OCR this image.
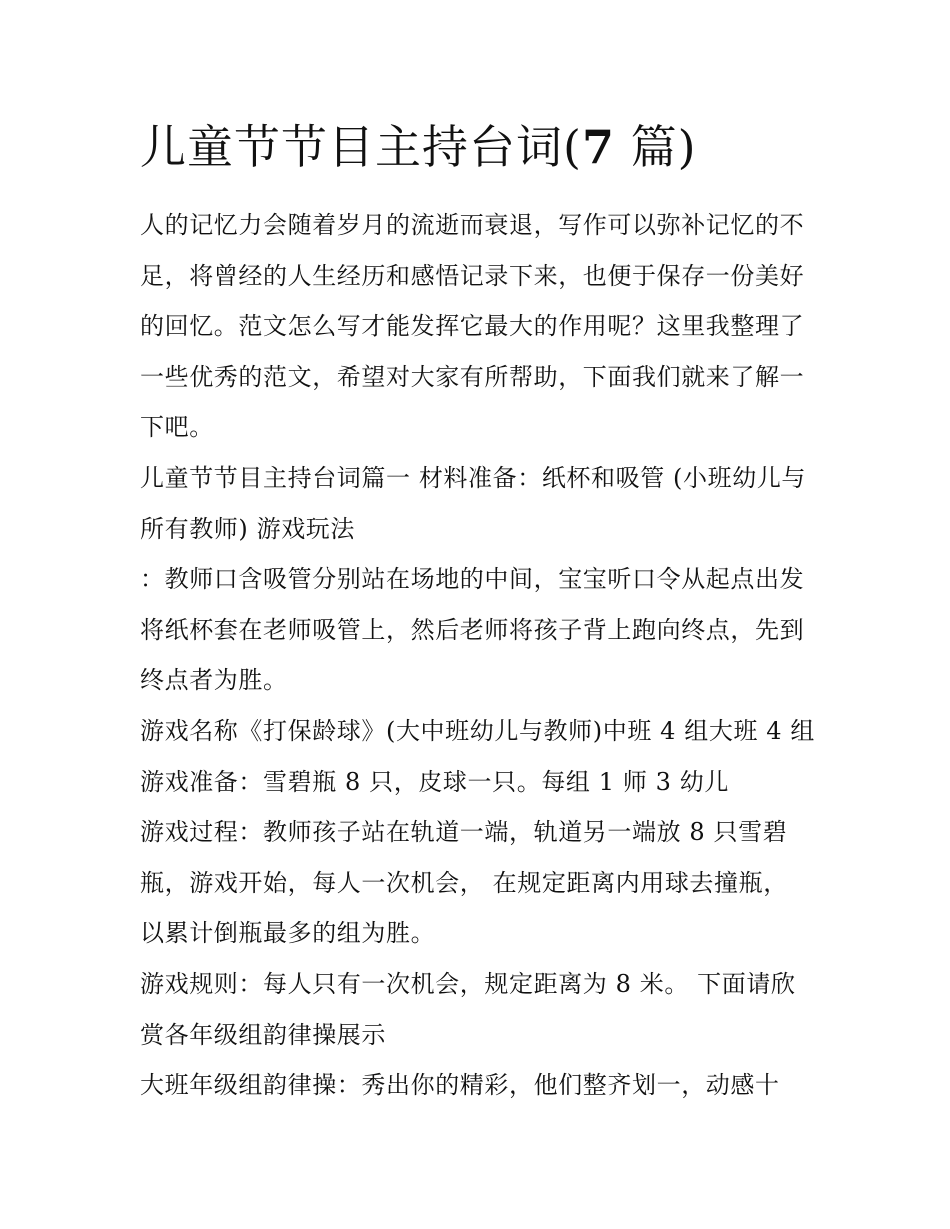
儿童节节目主持台词(7 篇)

人的记忆力会随着岁月的流逝而衰退，写作可以弥补记忆的不
足，将曾经的人生经历和感悟记录下来，也便于保存一份美好
的回忆。范文怎么写才能发挥它最大的作用呢？这里我整理了
一些优秀的范文，希望对大家有所帮助，下面我们就来了解一
下吧。

儿童节节目主持台词篇一 材料准备：纸杯和吸管 (小班幼儿与
所有教师) 游戏玩法

：教师口含吸管分别站在场地的中间，宝宝听口令从起点出发
将纸杯套在老师吸管上，然后老师将孩子背上跑向终点，先到
终点者为胜。

游戏名称《打保龄球》(大中班幼儿与教师)中班 4 组大班 4 组

游戏准备：雪碧瓶 8 只，皮球一只。每组 1 师 3 幼儿

游戏过程：教师孩子站在轨道一端，轨道另一端放 8 只雪碧
瓶，游戏开始，每人一次机会， 在规定距离内用球去撞瓶，
以累计倒瓶最多的组为胜。

游戏规则：每人只有一次机会，规定距离为 8 米。 下面请欣
赏各年级组韵律操展示

大班年级组韵律操：秀出你的精彩，他们整齐划一，动感十
